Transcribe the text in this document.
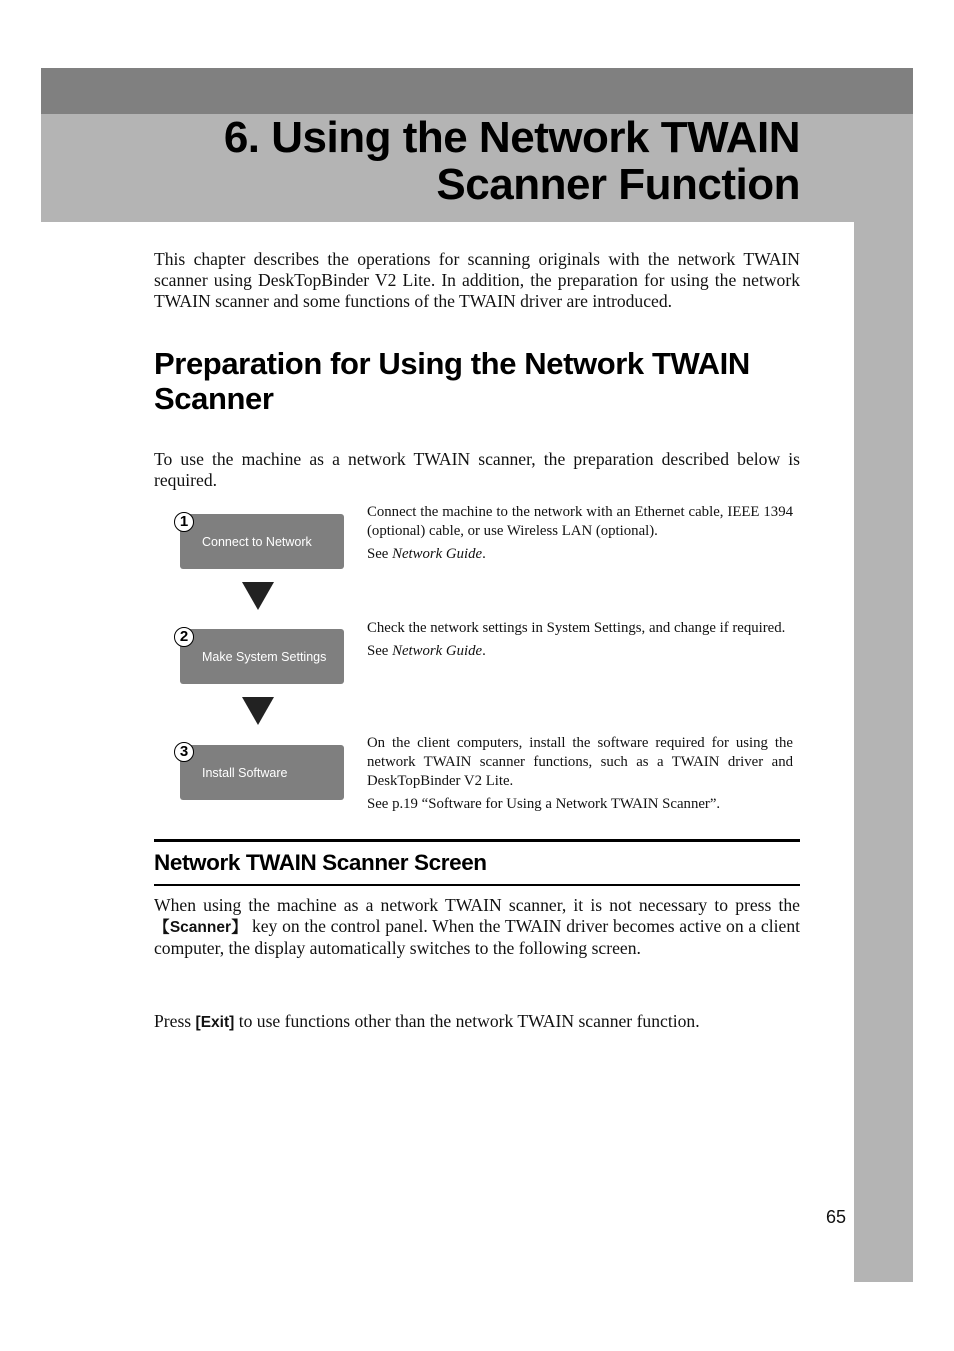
6. Using the Network TWAIN
Scanner Function

This chapter describes the operations for scanning originals with the network TWAIN scanner using DeskTopBinder V2 Lite. In addition, the preparation for using the network TWAIN scanner and some functions of the TWAIN driver are introduced.

Preparation for Using the Network TWAIN
Scanner

To use the machine as a network TWAIN scanner, the preparation described below is required.

Connect to Network
1

Connect the machine to the network with an Ethernet cable, IEEE 1394 (optional) cable, or use Wireless LAN (optional).

See Network Guide.

Make System Settings
2	Check the network settings in System Settings, and change if required.

See Network Guide.

Install Software
3	On the client computers, install the software required for using the network TWAIN scanner functions, such as a TWAIN driver and DeskTopBinder V2 Lite.

See p.19 “Software for Using a Network TWAIN Scanner”.

Network TWAIN Scanner Screen

When using the machine as a network TWAIN scanner, it is not necessary to press the 【Scanner】 key on the control panel. When the TWAIN driver becomes active on a client computer, the display automatically switches to the following screen.

Press [Exit] to use functions other than the network TWAIN scanner function.

65
